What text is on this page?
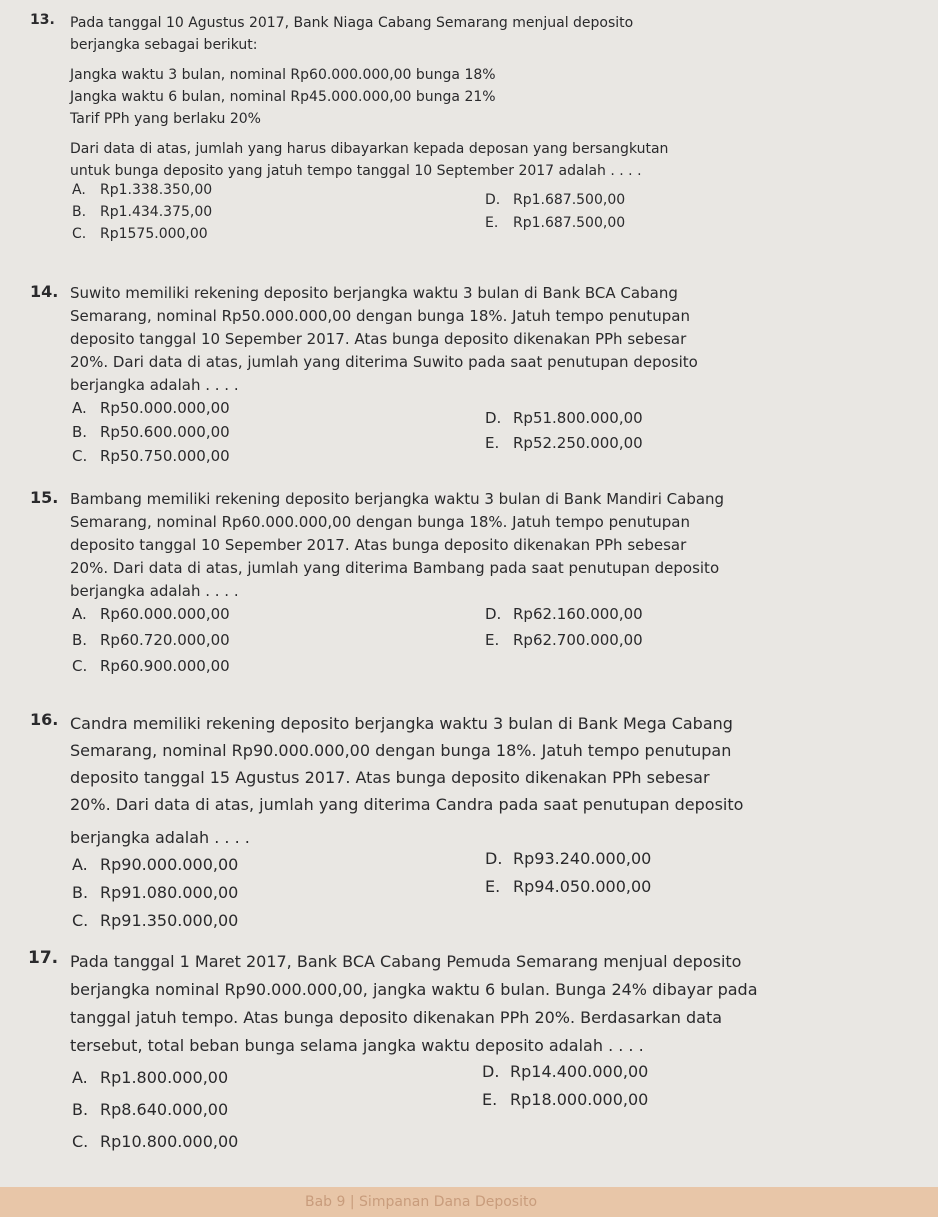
13. Pada tanggal 10 Agustus 2017, Bank Niaga Cabang Semarang menjual deposito

berjangka sebagai berikut:

Jangka waktu 3 bulan, nominal Rp60.000.000,00 bunga 18%

Jangka waktu 6 bulan, nominal Rp45.000.000,00 bunga 21%

Tarif PPh yang berlaku 20%

Dari data di atas, jumlah yang harus dibayarkan kepada deposan yang bersangkutan

untuk bunga deposito yang jatuh tempo tanggal 10 September 2017 adalah . . . .

A. Rp1.338.350,00
B. Rp1.434.375,00
C. Rp1575.000,00
D. Rp1.687.500,00
E. Rp1.687.500,00
14. Suwito memiliki rekening deposito berjangka waktu 3 bulan di Bank BCA Cabang

Semarang, nominal Rp50.000.000,00 dengan bunga 18%. Jatuh tempo penutupan

deposito tanggal 10 Sepember 2017. Atas bunga deposito dikenakan PPh sebesar

20%. Dari data di atas, jumlah yang diterima Suwito pada saat penutupan deposito

berjangka adalah . . . .

A. Rp50.000.000,00
B. Rp50.600.000,00
C. Rp50.750.000,00
D. Rp51.800.000,00
E. Rp52.250.000,00
15. Bambang memiliki rekening deposito berjangka waktu 3 bulan di Bank Mandiri Cabang

Semarang, nominal Rp60.000.000,00 dengan bunga 18%. Jatuh tempo penutupan

deposito tanggal 10 Sepember 2017. Atas bunga deposito dikenakan PPh sebesar

20%. Dari data di atas, jumlah yang diterima Bambang pada saat penutupan deposito

berjangka adalah . . . .

A. Rp60.000.000,00
B. Rp60.720.000,00
C. Rp60.900.000,00
D. Rp62.160.000,00
E. Rp62.700.000,00
16. Candra memiliki rekening deposito berjangka waktu 3 bulan di Bank Mega Cabang

Semarang, nominal Rp90.000.000,00 dengan bunga 18%. Jatuh tempo penutupan

deposito tanggal 15 Agustus 2017. Atas bunga deposito dikenakan PPh sebesar

20%. Dari data di atas, jumlah yang diterima Candra pada saat penutupan deposito

berjangka adalah . . . .

A. Rp90.000.000,00
B. Rp91.080.000,00
C. Rp91.350.000,00
D. Rp93.240.000,00
E. Rp94.050.000,00
17. Pada tanggal 1 Maret 2017, Bank BCA Cabang Pemuda Semarang menjual deposito

berjangka nominal Rp90.000.000,00, jangka waktu 6 bulan. Bunga 24% dibayar pada

tanggal jatuh tempo. Atas bunga deposito dikenakan PPh 20%. Berdasarkan data

tersebut, total beban bunga selama jangka waktu deposito adalah . . . .

A. Rp1.800.000,00
B. Rp8.640.000,00
C. Rp10.800.000,00
D. Rp14.400.000,00
E. Rp18.000.000,00
Bab 9 | Simpanan Dana Deposito
